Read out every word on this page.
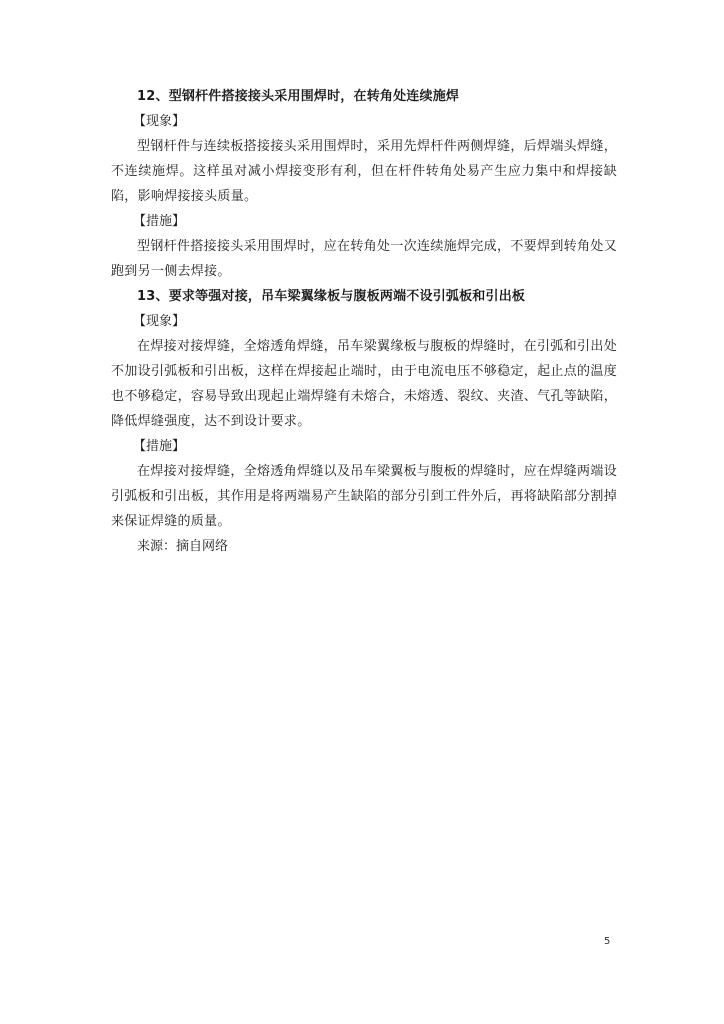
12、型钢杆件搭接接头采用围焊时，在转角处连续施焊

【现象】

型钢杆件与连续板搭接接头采用围焊时，采用先焊杆件两侧焊缝，后焊端头焊缝，不连续施焊。这样虽对减小焊接变形有利，但在杆件转角处易产生应力集中和焊接缺陷，影响焊接接头质量。

【措施】

型钢杆件搭接接头采用围焊时，应在转角处一次连续施焊完成，不要焊到转角处又跑到另一侧去焊接。

13、要求等强对接，吊车梁翼缘板与腹板两端不设引弧板和引出板

【现象】

在焊接对接焊缝，全熔透角焊缝，吊车梁翼缘板与腹板的焊缝时，在引弧和引出处不加设引弧板和引出板，这样在焊接起止端时，由于电流电压不够稳定，起止点的温度也不够稳定，容易导致出现起止端焊缝有未熔合，未熔透、裂纹、夹渣、气孔等缺陷，降低焊缝强度，达不到设计要求。

【措施】

在焊接对接焊缝，全熔透角焊缝以及吊车梁翼板与腹板的焊缝时，应在焊缝两端设引弧板和引出板，其作用是将两端易产生缺陷的部分引到工件外后，再将缺陷部分割掉来保证焊缝的质量。

来源：摘自网络

5
